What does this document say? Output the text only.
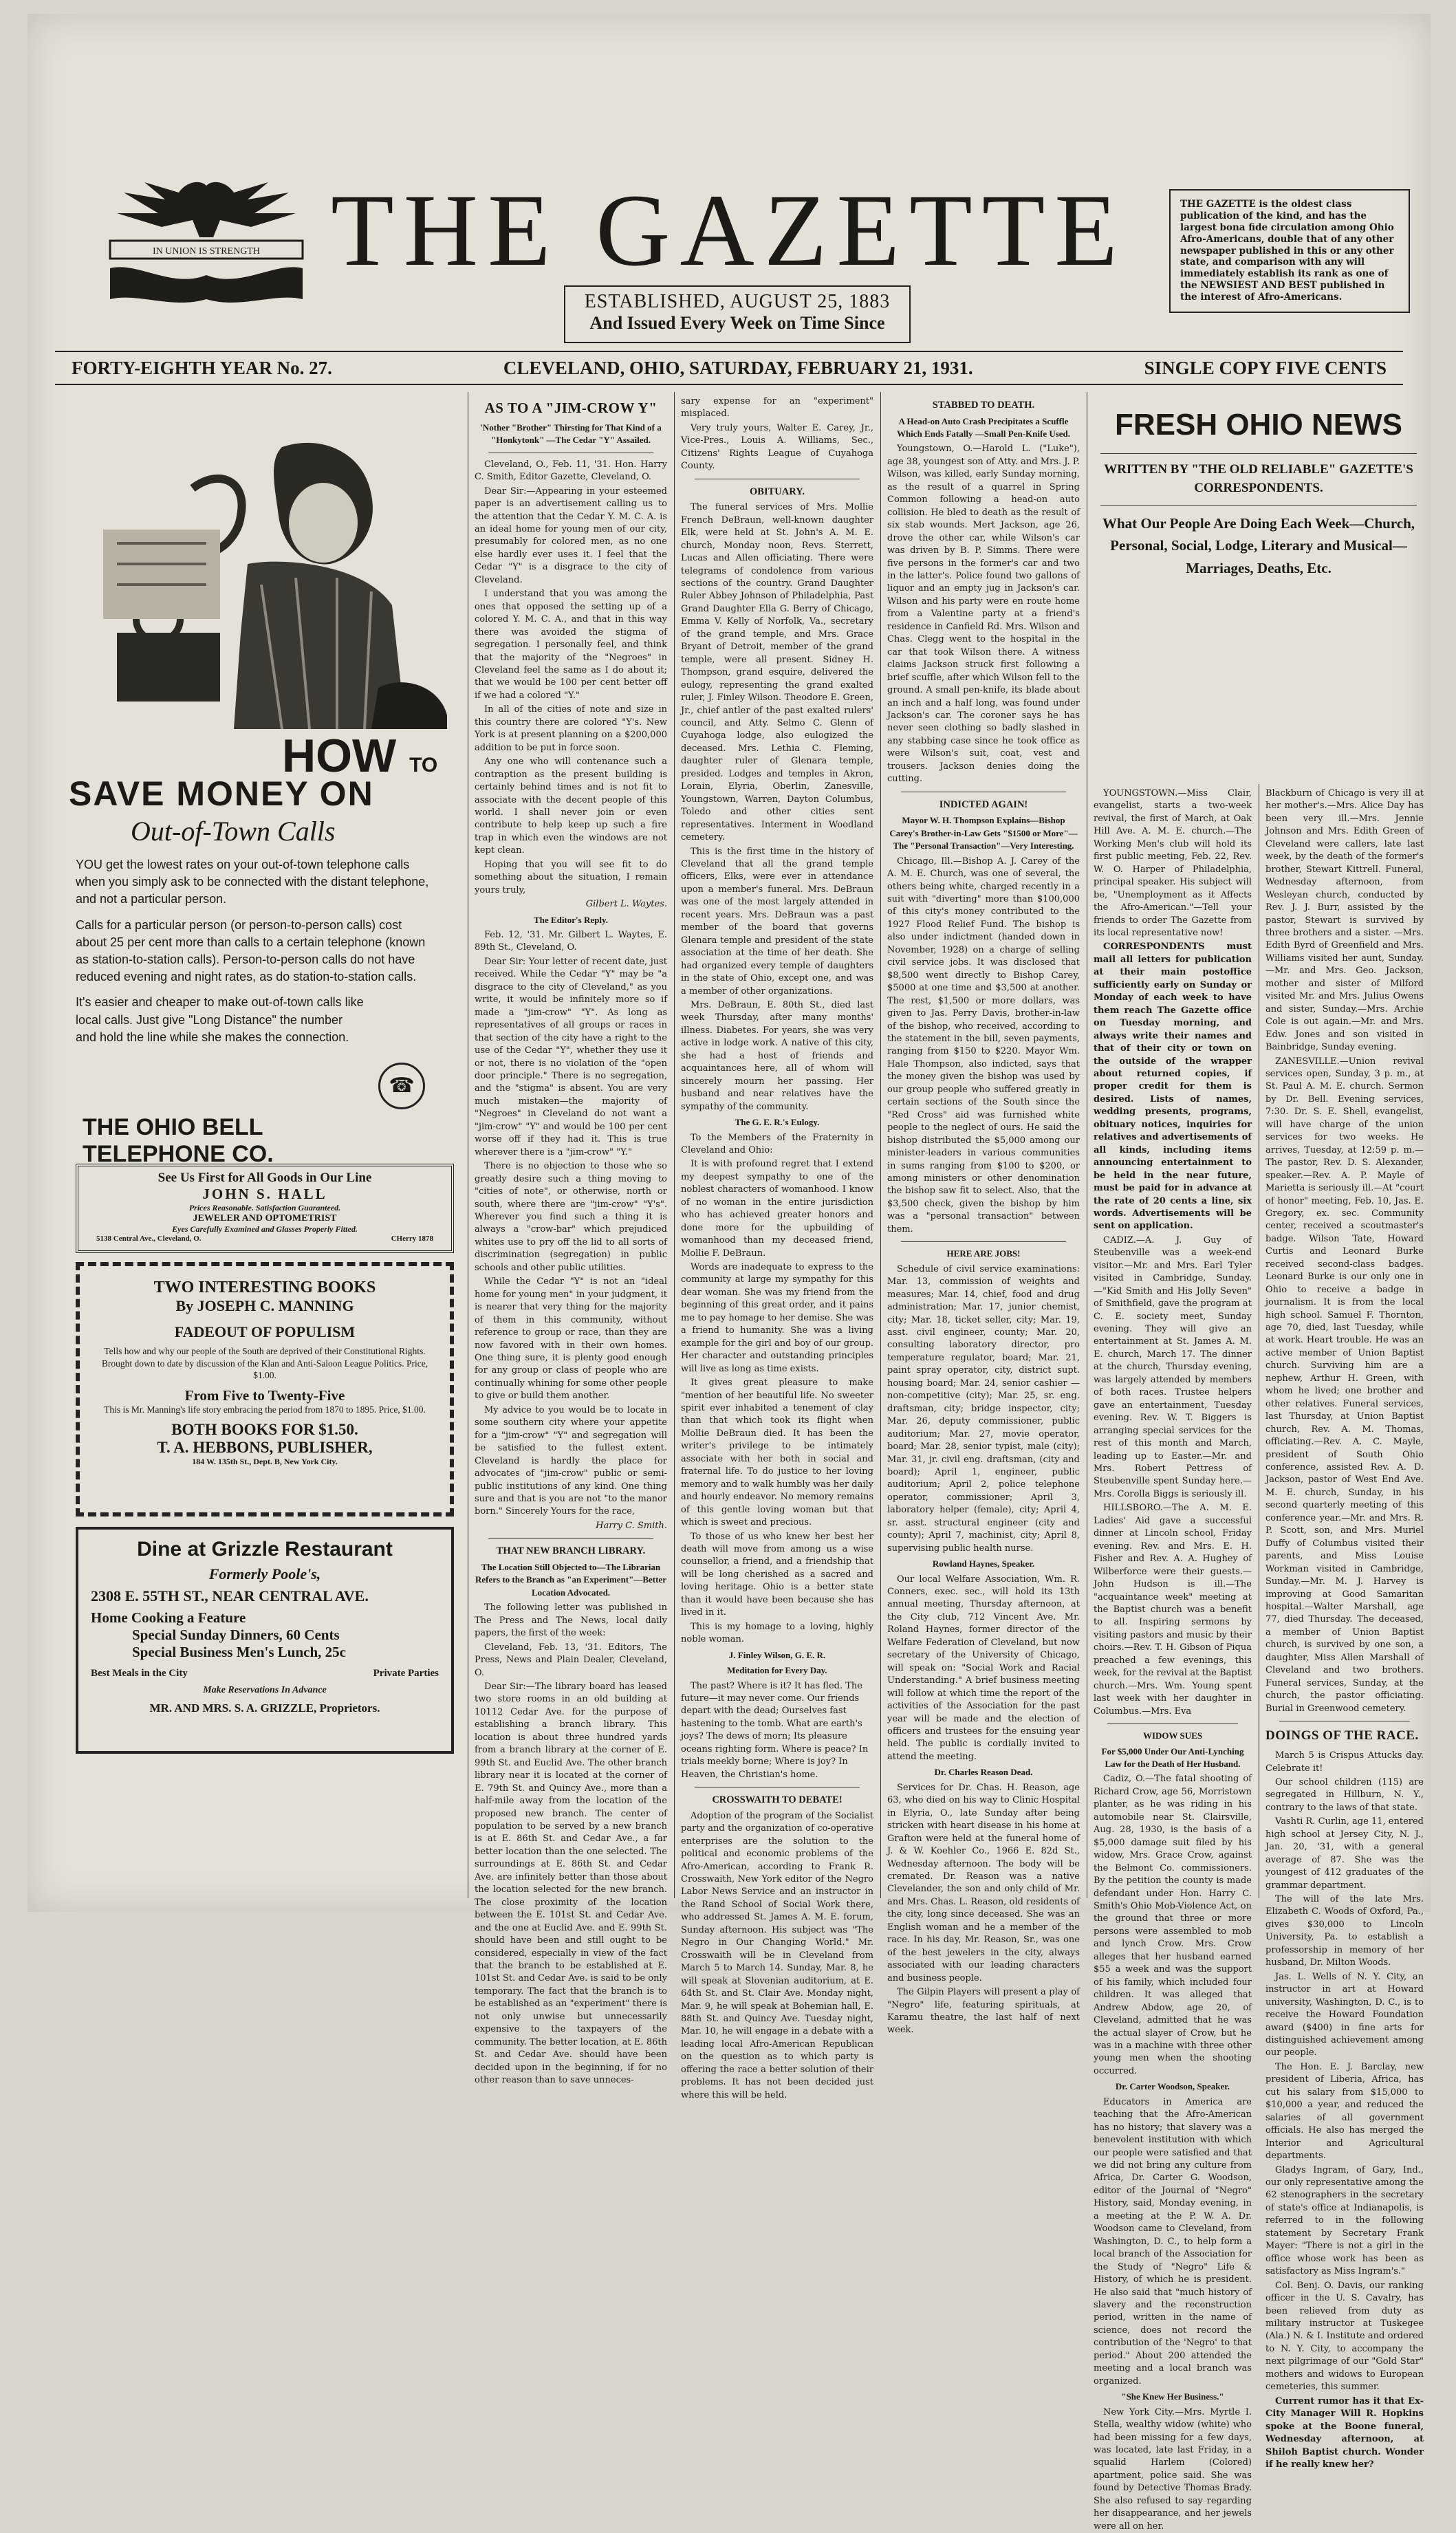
IN UNION IS STRENGTH THE GAZETTE
ESTABLISHED, AUGUST 25, 1883
And Issued Every Week on Time Since
THE GAZETTE is the oldest class publication of the kind, and has the largest bona fide circulation among Ohio Afro-Americans, double that of any other newspaper published in this or any other state, and comparison with any will immediately establish its rank as one of the NEWSIEST AND BEST published in the interest of Afro-Americans.
FORTY-EIGHTH YEAR No. 27.	CLEVELAND, OHIO, SATURDAY, FEBRUARY 21, 1931.	SINGLE COPY FIVE CENTS
HOW TO
SAVE MONEY ON
Out-of-Town Calls

YOU get the lowest rates on your out-of-town telephone calls when you simply ask to be connected with the distant telephone, and not a particular person.

Calls for a particular person (or person-to-person calls) cost about 25 per cent more than calls to a certain telephone (known as station-to-station calls). Person-to-person calls do not have reduced evening and night rates, as do station-to-station calls.

It's easier and cheaper to make out-of-town calls like local calls. Just give "Long Distance" the number and hold the line while she makes the connection.

☎
THE OHIO BELL
TELEPHONE CO.
See Us First for All Goods in Our Line
JOHN S. HALL
Prices Reasonable. Satisfaction Guaranteed.
JEWELER AND OPTOMETRIST
Eyes Carefully Examined and Glasses Properly Fitted.
5138 Central Ave., Cleveland, O.	CHerry 1878
TWO INTERESTING BOOKS
By JOSEPH C. MANNING
FADEOUT OF POPULISM
Tells how and why our people of the South are deprived of their Constitutional Rights. Brought down to date by discussion of the Klan and Anti-Saloon League Politics. Price, $1.00.
From Five to Twenty-Five
This is Mr. Manning's life story embracing the period from 1870 to 1895. Price, $1.00.
BOTH BOOKS FOR $1.50.
T. A. HEBBONS, PUBLISHER,
184 W. 135th St., Dept. B, New York City.
Dine at Grizzle Restaurant
Formerly Poole's,
2308 E. 55TH ST., NEAR CENTRAL AVE.
Home Cooking a Feature
Special Sunday Dinners, 60 Cents
Special Business Men's Lunch, 25c
Best Meals in the City	Private Parties
Make Reservations In Advance
MR. AND MRS. S. A. GRIZZLE, Proprietors.
AS TO A "JIM-CROW Y"
'Nother "Brother" Thirsting for That Kind of a "Honkytonk" —The Cedar "Y" Assailed.

Cleveland, O., Feb. 11, '31. Hon. Harry C. Smith, Editor Gazette, Cleveland, O.

Dear Sir:—Appearing in your esteemed paper is an advertisement calling us to the attention that the Cedar Y. M. C. A. is an ideal home for young men of our city, presumably for colored men, as no one else hardly ever uses it. I feel that the Cedar "Y" is a disgrace to the city of Cleveland.

I understand that you was among the ones that opposed the setting up of a colored Y. M. C. A., and that in this way there was avoided the stigma of segregation. I personally feel, and think that the majority of the "Negroes" in Cleveland feel the same as I do about it; that we would be 100 per cent better off if we had a colored "Y."

In all of the cities of note and size in this country there are colored "Y's. New York is at present planning on a $200,000 addition to be put in force soon.

Any one who will contenance such a contraption as the present building is certainly behind times and is not fit to associate with the decent people of this world. I shall never join or even contribute to help keep up such a fire trap in which even the windows are not kept clean.

Hoping that you will see fit to do something about the situation, I remain yours truly,

Gilbert L. Waytes.
The Editor's Reply.

Feb. 12, '31. Mr. Gilbert L. Waytes, E. 89th St., Cleveland, O.

Dear Sir: Your letter of recent date, just received. While the Cedar "Y" may be "a disgrace to the city of Cleveland," as you write, it would be infinitely more so if made a "jim-crow" "Y". As long as representatives of all groups or races in that section of the city have a right to the use of the Cedar "Y", whether they use it or not, there is no violation of the "open door principle." There is no segregation, and the "stigma" is absent. You are very much mistaken—the majority of "Negroes" in Cleveland do not want a "jim-crow" "Y" and would be 100 per cent worse off if they had it. This is true wherever there is a "jim-crow" "Y."

There is no objection to those who so greatly desire such a thing moving to "cities of note", or otherwise, north or south, where there are "jim-crow" "Y's". Wherever you find such a thing it is always a "crow-bar" which prejudiced whites use to pry off the lid to all sorts of discrimination (segregation) in public schools and other public utilities.

While the Cedar "Y" is not an "ideal home for young men" in your judgment, it is nearer that very thing for the majority of them in this community, without reference to group or race, than they are now favored with in their own homes. One thing sure, it is plenty good enough for any group or class of people who are continually whining for some other people to give or build them another.

My advice to you would be to locate in some southern city where your appetite for a "jim-crow" "Y" and segregation will be satisfied to the fullest extent. Cleveland is hardly the place for advocates of "jim-crow" public or semi-public institutions of any kind. One thing sure and that is you are not "to the manor born." Sincerely Yours for the race,

Harry C. Smith.
THAT NEW BRANCH LIBRARY.
The Location Still Objected to—The Librarian Refers to the Branch as "an Experiment"—Better Location Advocated.

The following letter was published in The Press and The News, local daily papers, the first of the week:

Cleveland, Feb. 13, '31. Editors, The Press, News and Plain Dealer, Cleveland, O.

Dear Sir:—The library board has leased two store rooms in an old building at 10112 Cedar Ave. for the purpose of establishing a branch library. This location is about three hundred yards from a branch library at the corner of E. 99th St. and Euclid Ave. The other branch library near it is located at the corner of E. 79th St. and Quincy Ave., more than a half-mile away from the location of the proposed new branch. The center of population to be served by a new branch is at E. 86th St. and Cedar Ave., a far better location than the one selected. The surroundings at E. 86th St. and Cedar Ave. are infinitely better than those about the location selected for the new branch. The close proximity of the location between the E. 101st St. and Cedar Ave. and the one at Euclid Ave. and E. 99th St. should have been and still ought to be considered, especially in view of the fact that the branch to be established at E. 101st St. and Cedar Ave. is said to be only temporary. The fact that the branch is to be established as an "experiment" there is not only unwise but unnecessarily expensive to the taxpayers of the community. The better location, at E. 86th St. and Cedar Ave. should have been decided upon in the beginning, if for no other reason than to save unneces-

sary expense for an "experiment" misplaced.

Very truly yours, Walter E. Carey, Jr., Vice-Pres., Louis A. Williams, Sec., Citizens' Rights League of Cuyahoga County.

OBITUARY.

The funeral services of Mrs. Mollie French DeBraun, well-known daughter Elk, were held at St. John's A. M. E. church, Monday noon, Revs. Sterrett, Lucas and Allen officiating. There were telegrams of condolence from various sections of the country. Grand Daughter Ruler Abbey Johnson of Philadelphia, Past Grand Daughter Ella G. Berry of Chicago, Emma V. Kelly of Norfolk, Va., secretary of the grand temple, and Mrs. Grace Bryant of Detroit, member of the grand temple, were all present. Sidney H. Thompson, grand esquire, delivered the eulogy, representing the grand exalted ruler, J. Finley Wilson. Theodore E. Green, Jr., chief antler of the past exalted rulers' council, and Atty. Selmo C. Glenn of Cuyahoga lodge, also eulogized the deceased. Mrs. Lethia C. Fleming, daughter ruler of Glenara temple, presided. Lodges and temples in Akron, Lorain, Elyria, Oberlin, Zanesville, Youngstown, Warren, Dayton Columbus, Toledo and other cities sent representatives. Interment in Woodland cemetery.

This is the first time in the history of Cleveland that all the grand temple officers, Elks, were ever in attendance upon a member's funeral. Mrs. DeBraun was one of the most largely attended in recent years. Mrs. DeBraun was a past member of the board that governs Glenara temple and president of the state association at the time of her death. She had organized every temple of daughters in the state of Ohio, except one, and was a member of other organizations.

Mrs. DeBraun, E. 80th St., died last week Thursday, after many months' illness. Diabetes. For years, she was very active in lodge work. A native of this city, she had a host of friends and acquaintances here, all of whom will sincerely mourn her passing. Her husband and near relatives have the sympathy of the community.

The G. E. R.'s Eulogy.

To the Members of the Fraternity in Cleveland and Ohio:

It is with profound regret that I extend my deepest sympathy to one of the noblest characters of womanhood. I know of no woman in the entire jurisdiction who has achieved greater honors and done more for the upbuilding of womanhood than my deceased friend, Mollie F. DeBraun.

Words are inadequate to express to the community at large my sympathy for this dear woman. She was my friend from the beginning of this great order, and it pains me to pay homage to her demise. She was a friend to humanity. She was a living example for the girl and boy of our group. Her character and outstanding principles will live as long as time exists.

It gives great pleasure to make "mention of her beautiful life. No sweeter spirit ever inhabited a tenement of clay than that which took its flight when Mollie DeBraun died. It has been the writer's privilege to be intimately associate with her both in social and fraternal life. To do justice to her loving memory and to walk humbly was her daily and hourly endeavor. No memory remains of this gentle loving woman but that which is sweet and precious.

To those of us who knew her best her death will move from among us a wise counsellor, a friend, and a friendship that will be long cherished as a sacred and loving heritage. Ohio is a better state than it would have been because she has lived in it.

This is my homage to a loving, highly noble woman.

J. Finley Wilson, G. E. R.
Meditation for Every Day.

The past? Where is it? It has fled. The future—it may never come. Our friends depart with the dead; Ourselves fast hastening to the tomb. What are earth's joys? The dews of morn; Its pleasure oceans righting form. Where is peace? In trials meekly borne; Where is joy? In Heaven, the Christian's home.

CROSSWAITH TO DEBATE!

Adoption of the program of the Socialist party and the organization of co-operative enterprises are the solution to the political and economic problems of the Afro-American, according to Frank R. Crosswaith, New York editor of the Negro Labor News Service and an instructor in the Rand School of Social Work there, who addressed St. James A. M. E. forum, Sunday afternoon. His subject was "The Negro in Our Changing World." Mr. Crosswaith will be in Cleveland from March 5 to March 14. Sunday, Mar. 8, he will speak at Slovenian auditorium, at E. 64th St. and St. Clair Ave. Monday night, Mar. 9, he will speak at Bohemian hall, E. 88th St. and Quincy Ave. Tuesday night, Mar. 10, he will engage in a debate with a leading local Afro-American Republican on the question as to which party is offering the race a better solution of their problems. It has not been decided just where this will be held.

STABBED TO DEATH.
A Head-on Auto Crash Precipitates a Scuffle Which Ends Fatally —Small Pen-Knife Used.

Youngstown, O.—Harold L. ("Luke"), age 38, youngest son of Atty. and Mrs. J. P. Wilson, was killed, early Sunday morning, as the result of a quarrel in Spring Common following a head-on auto collision. He bled to death as the result of six stab wounds. Mert Jackson, age 26, drove the other car, while Wilson's car was driven by B. P. Simms. There were five persons in the former's car and two in the latter's. Police found two gallons of liquor and an empty jug in Jackson's car. Wilson and his party were en route home from a Valentine party at a friend's residence in Canfield Rd. Mrs. Wilson and Chas. Clegg went to the hospital in the car that took Wilson there. A witness claims Jackson struck first following a brief scuffle, after which Wilson fell to the ground. A small pen-knife, its blade about an inch and a half long, was found under Jackson's car. The coroner says he has never seen clothing so badly slashed in any stabbing case since he took office as were Wilson's suit, coat, vest and trousers. Jackson denies doing the cutting.

INDICTED AGAIN!
Mayor W. H. Thompson Explains—Bishop Carey's Brother-in-Law Gets "$1500 or More"—The "Personal Transaction"—Very Interesting.

Chicago, Ill.—Bishop A. J. Carey of the A. M. E. Church, was one of several, the others being white, charged recently in a suit with "diverting" more than $100,000 of this city's money contributed to the 1927 Flood Relief Fund. The bishop is also under indictment (handed down in November, 1928) on a charge of selling civil service jobs. It was disclosed that $8,500 went directly to Bishop Carey, $5000 at one time and $3,500 at another. The rest, $1,500 or more dollars, was given to Jas. Perry Davis, brother-in-law of the bishop, who received, according to the statement in the bill, seven payments, ranging from $150 to $220. Mayor Wm. Hale Thompson, also indicted, says that the money given the bishop was used by our group people who suffered greatly in certain sections of the South since the "Red Cross" aid was furnished white people to the neglect of ours. He said the bishop distributed the $5,000 among our minister-leaders in various communities in sums ranging from $100 to $200, or among ministers or other denomination the bishop saw fit to select. Also, that the $3,500 check, given the bishop by him was a "personal transaction" between them.

HERE ARE JOBS!

Schedule of civil service examinations: Mar. 13, commission of weights and measures; Mar. 14, chief, food and drug administration; Mar. 17, junior chemist, city; Mar. 18, ticket seller, city; Mar. 19, asst. civil engineer, county; Mar. 20, consulting laboratory director, pro temperature regulator, board; Mar. 21, paint spray operator, city, district supt. housing board; Mar. 24, senior cashier — non-competitive (city); Mar. 25, sr. eng. draftsman, city; bridge inspector, city; Mar. 26, deputy commissioner, public auditorium; Mar. 27, movie operator, board; Mar. 28, senior typist, male (city); Mar. 31, jr. civil eng. draftsman, (city and board); April 1, engineer, public auditorium; April 2, police telephone operator, commissioner; April 3, laboratory helper (female), city; April 4, sr. asst. structural engineer (city and county); April 7, machinist, city; April 8, supervising public health nurse.

Rowland Haynes, Speaker.

Our local Welfare Association, Wm. R. Conners, exec. sec., will hold its 13th annual meeting, Thursday afternoon, at the City club, 712 Vincent Ave. Mr. Roland Haynes, former director of the Welfare Federation of Cleveland, but now secretary of the University of Chicago, will speak on: "Social Work and Racial Understanding." A brief business meeting will follow at which time the report of the activities of the Association for the past year will be made and the election of officers and trustees for the ensuing year held. The public is cordially invited to attend the meeting.

Dr. Charles Reason Dead.

Services for Dr. Chas. H. Reason, age 63, who died on his way to Clinic Hospital in Elyria, O., late Sunday after being stricken with heart disease in his home at Grafton were held at the funeral home of J. & W. Koehler Co., 1966 E. 82d St., Wednesday afternoon. The body will be cremated. Dr. Reason was a native Clevelander, the son and only child of Mr. and Mrs. Chas. L. Reason, old residents of the city, long since deceased. She was an English woman and he a member of the race. In his day, Mr. Reason, Sr., was one of the best jewelers in the city, always associated with our leading characters and business people.

The Gilpin Players will present a play of "Negro" life, featuring spirituals, at Karamu theatre, the last half of next week.

FRESH OHIO NEWS
WRITTEN BY "THE OLD RELIABLE" GAZETTE'S CORRESPONDENTS.
What Our People Are Doing Each Week—Church, Personal, Social, Lodge, Literary and Musical—Marriages, Deaths, Etc.

YOUNGSTOWN.—Miss Clair, evangelist, starts a two-week revival, the first of March, at Oak Hill Ave. A. M. E. church.—The Working Men's club will hold its first public meeting, Feb. 22, Rev. W. O. Harper of Philadelphia, principal speaker. His subject will be, "Unemployment as it Affects the Afro-American."—Tell your friends to order The Gazette from its local representative now!

CORRESPONDENTS must mail all letters for publication at their main postoffice sufficiently early on Sunday or Monday of each week to have them reach The Gazette office on Tuesday morning, and always write their names and that of their city or town on the outside of the wrapper about returned copies, if proper credit for them is desired. Lists of names, wedding presents, programs, obituary notices, inquiries for relatives and advertisements of all kinds, including items announcing entertainment to be held in the near future, must be paid for in advance at the rate of 20 cents a line, six words. Advertisements will be sent on application.

CADIZ.—A. J. Guy of Steubenville was a week-end visitor.—Mr. and Mrs. Earl Tyler visited in Cambridge, Sunday.—"Kid Smith and His Jolly Seven" of Smithfield, gave the program at C. E. society meet, Sunday evening. They will give an entertainment at St. James A. M. E. church, March 17. The dinner at the church, Thursday evening, was largely attended by members of both races. Trustee helpers gave an entertainment, Tuesday evening. Rev. W. T. Biggers is arranging special services for the rest of this month and March, leading up to Easter.—Mr. and Mrs. Robert Pettress of Steubenville spent Sunday here.—Mrs. Corolla Biggs is seriously ill.

HILLSBORO.—The A. M. E. Ladies' Aid gave a successful dinner at Lincoln school, Friday evening. Rev. and Mrs. E. H. Fisher and Rev. A. A. Hughey of Wilberforce were their guests.—John Hudson is ill.—The "acquaintance week" meeting at the Baptist church was a benefit to all. Inspiring sermons by visiting pastors and music by their choirs.—Rev. T. H. Gibson of Piqua preached a few evenings, this week, for the revival at the Baptist church.—Mrs. Wm. Young spent last week with her daughter in Columbus.—Mrs. Eva

WIDOW SUES
For $5,000 Under Our Anti-Lynching Law for the Death of Her Husband.

Cadiz, O.—The fatal shooting of Richard Crow, age 56, Morristown planter, as he was riding in his automobile near St. Clairsville, Aug. 28, 1930, is the basis of a $5,000 damage suit filed by his widow, Mrs. Grace Crow, against the Belmont Co. commissioners. By the petition the county is made defendant under Hon. Harry C. Smith's Ohio Mob-Violence Act, on the ground that three or more persons were assembled to mob and lynch Crow. Mrs. Crow alleges that her husband earned $55 a week and was the support of his family, which included four children. It was alleged that Andrew Abdow, age 20, of Cleveland, admitted that he was the actual slayer of Crow, but he was in a machine with three other young men when the shooting occurred.

Dr. Carter Woodson, Speaker.

Educators in America are teaching that the Afro-American has no history; that slavery was a benevolent institution with which our people were satisfied and that we did not bring any culture from Africa, Dr. Carter G. Woodson, editor of the Journal of "Negro" History, said, Monday evening, in a meeting at the P. W. A. Dr. Woodson came to Cleveland, from Washington, D. C., to help form a local branch of the Association for the Study of "Negro" Life & History, of which he is president. He also said that "much history of slavery and the reconstruction period, written in the name of science, does not record the contribution of the 'Negro' to that period." About 200 attended the meeting and a local branch was organized.

"She Knew Her Business."

New York City.—Mrs. Myrtle I. Stella, wealthy widow (white) who had been missing for a few days, was located, late last Friday, in a squalid Harlem (Colored) apartment, police said. She was found by Detective Thomas Brady. She also refused to say regarding her disappearance, and her jewels were all on her.

Blackburn of Chicago is very ill at her mother's.—Mrs. Alice Day has been very ill.—Mrs. Jennie Johnson and Mrs. Edith Green of Cleveland were callers, late last week, by the death of the former's brother, Stewart Kittrell. Funeral, Wednesday afternoon, from Wesleyan church, conducted by Rev. J. J. Burr, assisted by the pastor, Stewart is survived by three brothers and a sister. —Mrs. Edith Byrd of Greenfield and Mrs. Williams visited her aunt, Sunday.—Mr. and Mrs. Geo. Jackson, mother and sister of Milford visited Mr. and Mrs. Julius Owens and sister, Sunday.—Mrs. Archie Cole is out again.—Mr. and Mrs. Edw. Jones and son visited in Bainbridge, Sunday evening.

ZANESVILLE.—Union revival services open, Sunday, 3 p. m., at St. Paul A. M. E. church. Sermon by Dr. Bell. Evening services, 7:30. Dr. S. E. Shell, evangelist, will have charge of the union services for two weeks. He arrives, Tuesday, at 12:59 p. m.—The pastor, Rev. D. S. Alexander, speaker.—Rev. A. P. Mayle of Marietta is seriously ill.—At "court of honor" meeting, Feb. 10, Jas. E. Gregory, ex. sec. Community center, received a scoutmaster's badge. Wilson Tate, Howard Curtis and Leonard Burke received second-class badges. Leonard Burke is our only one in Ohio to receive a badge in journalism. It is from the local high school. Samuel F. Thornton, age 70, died, last Tuesday, while at work. Heart trouble. He was an active member of Union Baptist church. Surviving him are a nephew, Arthur H. Green, with whom he lived; one brother and other relatives. Funeral services, last Thursday, at Union Baptist church, Rev. A. M. Thomas, officiating.—Rev. A. C. Mayle, president of South Ohio conference, assisted Rev. A. D. Jackson, pastor of West End Ave. M. E. church, Sunday, in his second quarterly meeting of this conference year.—Mr. and Mrs. R. P. Scott, son, and Mrs. Muriel Duffy of Columbus visited their parents, and Miss Louise Workman visited in Cambridge, Sunday.—Mr. M. J. Harvey is improving at Good Samaritan hospital.—Walter Marshall, age 77, died Thursday. The deceased, a member of Union Baptist church, is survived by one son, a daughter, Miss Allen Marshall of Cleveland and two brothers. Funeral services, Sunday, at the church, the pastor officiating. Burial in Greenwood cemetery.

DOINGS OF THE RACE.

March 5 is Crispus Attucks day. Celebrate it!

Our school children (115) are segregated in Hillburn, N. Y., contrary to the laws of that state.

Vashti R. Curlin, age 11, entered high school at Jersey City, N. J., Jan. 20, '31, with a general average of 87. She was the youngest of 412 graduates of the grammar department.

The will of the late Mrs. Elizabeth C. Woods of Oxford, Pa., gives $30,000 to Lincoln University, Pa. to establish a professorship in memory of her husband, Dr. Milton Woods.

Jas. L. Wells of N. Y. City, an instructor in art at Howard university, Washington, D. C., is to receive the Howard Foundation award ($400) in fine arts for distinguished achievement among our people.

The Hon. E. J. Barclay, new president of Liberia, Africa, has cut his salary from $15,000 to $10,000 a year, and reduced the salaries of all government officials. He also has merged the Interior and Agricultural departments.

Gladys Ingram, of Gary, Ind., our only representative among the 62 stenographers in the secretary of state's office at Indianapolis, is referred to in the following statement by Secretary Frank Mayer: "There is not a girl in the office whose work has been as satisfactory as Miss Ingram's."

Col. Benj. O. Davis, our ranking officer in the U. S. Cavalry, has been relieved from duty as military instructor at Tuskegee (Ala.) N. & I. Institute and ordered to N. Y. City, to accompany the next pilgrimage of our "Gold Star" mothers and widows to European cemeteries, this summer.

Current rumor has it that Ex-City Manager Will R. Hopkins spoke at the Boone funeral, Wednesday afternoon, at Shiloh Baptist church. Wonder if he really knew her?
